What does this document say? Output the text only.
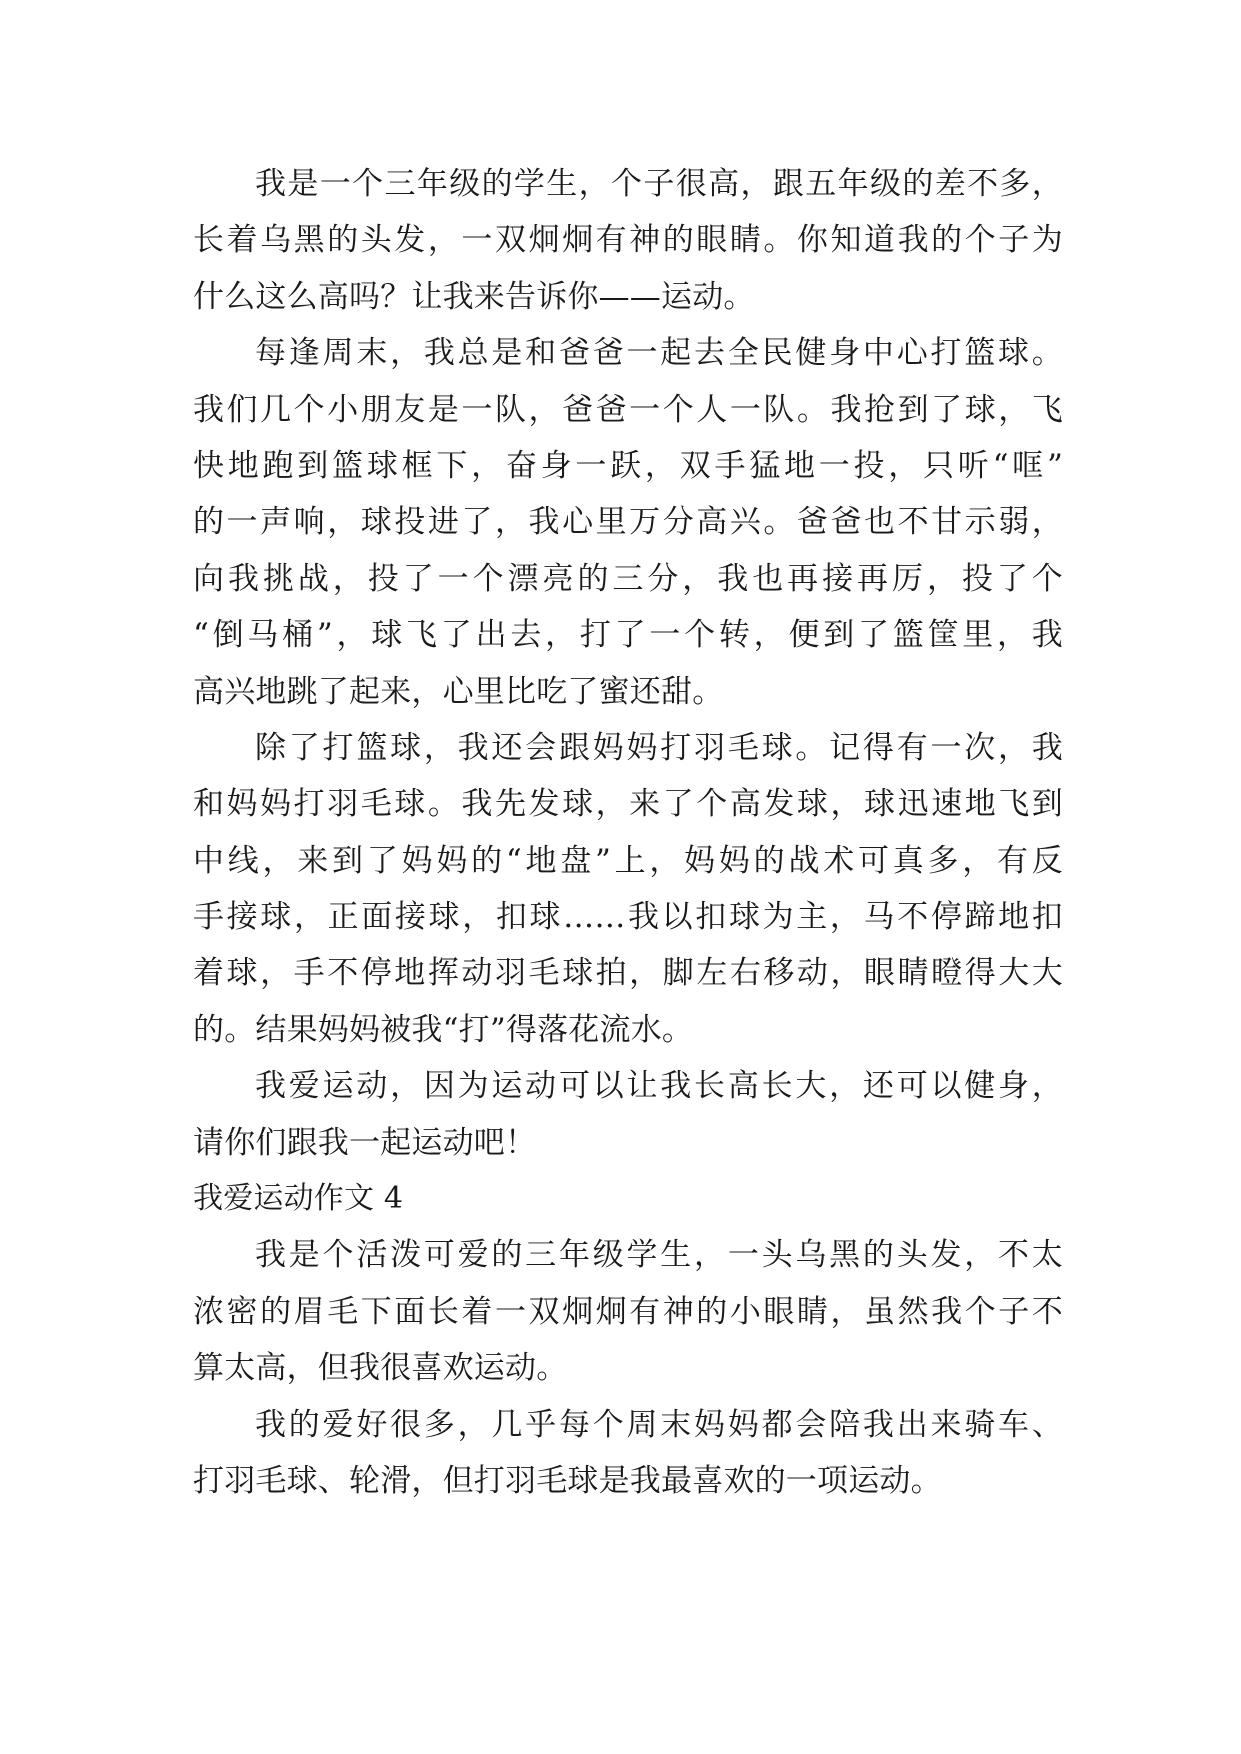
我是一个三年级的学生，个子很高，跟五年级的差不多，
长着乌黑的头发，一双炯炯有神的眼睛。你知道我的个子为
什么这么高吗？让我来告诉你——运动。
每逢周末，我总是和爸爸一起去全民健身中心打篮球。
我们几个小朋友是一队，爸爸一个人一队。我抢到了球，飞
快地跑到篮球框下，奋身一跃，双手猛地一投，只听“哐”
的一声响，球投进了，我心里万分高兴。爸爸也不甘示弱，
向我挑战，投了一个漂亮的三分，我也再接再厉，投了个
“倒马桶”，球飞了出去，打了一个转，便到了篮筐里，我
高兴地跳了起来，心里比吃了蜜还甜。
除了打篮球，我还会跟妈妈打羽毛球。记得有一次，我
和妈妈打羽毛球。我先发球，来了个高发球，球迅速地飞到
中线，来到了妈妈的“地盘”上，妈妈的战术可真多，有反
手接球，正面接球，扣球……我以扣球为主，马不停蹄地扣
着球，手不停地挥动羽毛球拍，脚左右移动，眼睛瞪得大大
的。结果妈妈被我“打”得落花流水。
我爱运动，因为运动可以让我长高长大，还可以健身，
请你们跟我一起运动吧！
我爱运动作文 4
我是个活泼可爱的三年级学生，一头乌黑的头发，不太
浓密的眉毛下面长着一双炯炯有神的小眼睛，虽然我个子不
算太高，但我很喜欢运动。
我的爱好很多，几乎每个周末妈妈都会陪我出来骑车、
打羽毛球、轮滑，但打羽毛球是我最喜欢的一项运动。
